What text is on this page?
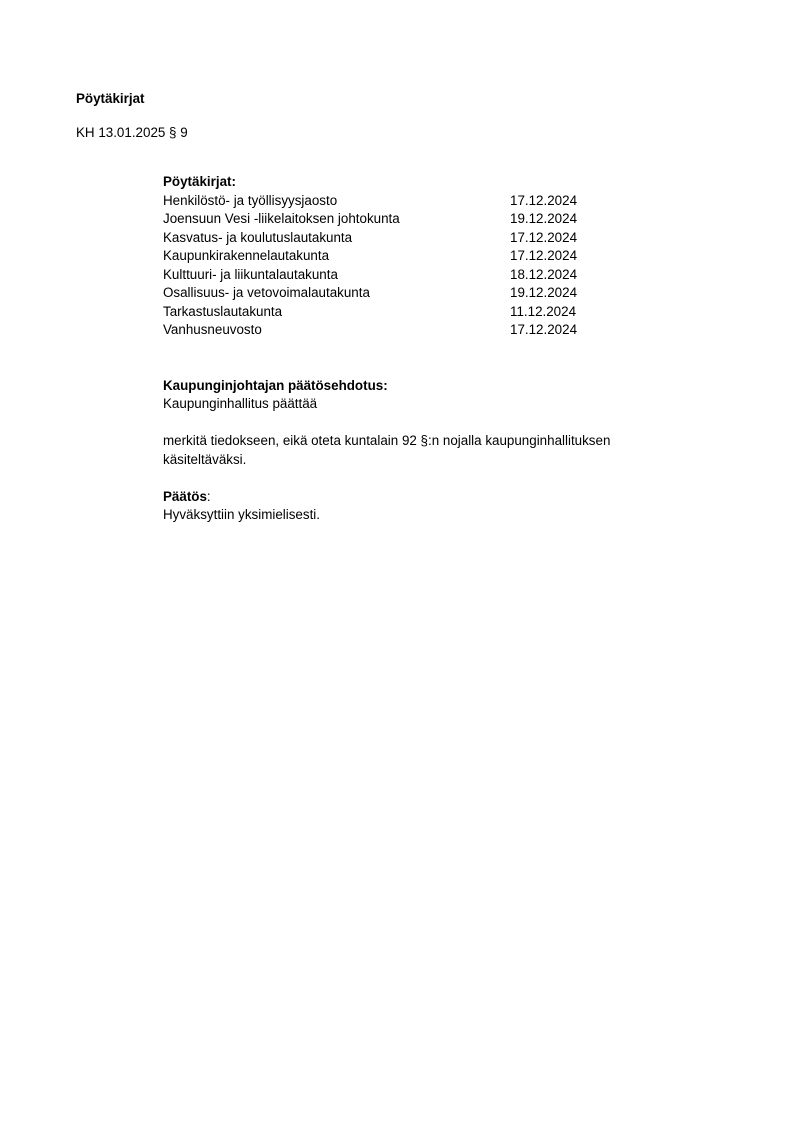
Pöytäkirjat
KH 13.01.2025 § 9
Pöytäkirjat:
Henkilöstö- ja työllisyysjaosto	17.12.2024
Joensuun Vesi -liikelaitoksen johtokunta	19.12.2024
Kasvatus- ja koulutuslautakunta	17.12.2024
Kaupunkirakennelautakunta	17.12.2024
Kulttuuri- ja liikuntalautakunta	18.12.2024
Osallisuus- ja vetovoimalautakunta	19.12.2024
Tarkastuslautakunta	11.12.2024
Vanhusneuvosto	17.12.2024
Kaupunginjohtajan päätösehdotus:
Kaupunginhallitus päättää

merkitä tiedokseen, eikä oteta kuntalain 92 §:n nojalla kaupunginhallituksen käsiteltäväksi.

Päätös:
Hyväksyttiin yksimielisesti.
